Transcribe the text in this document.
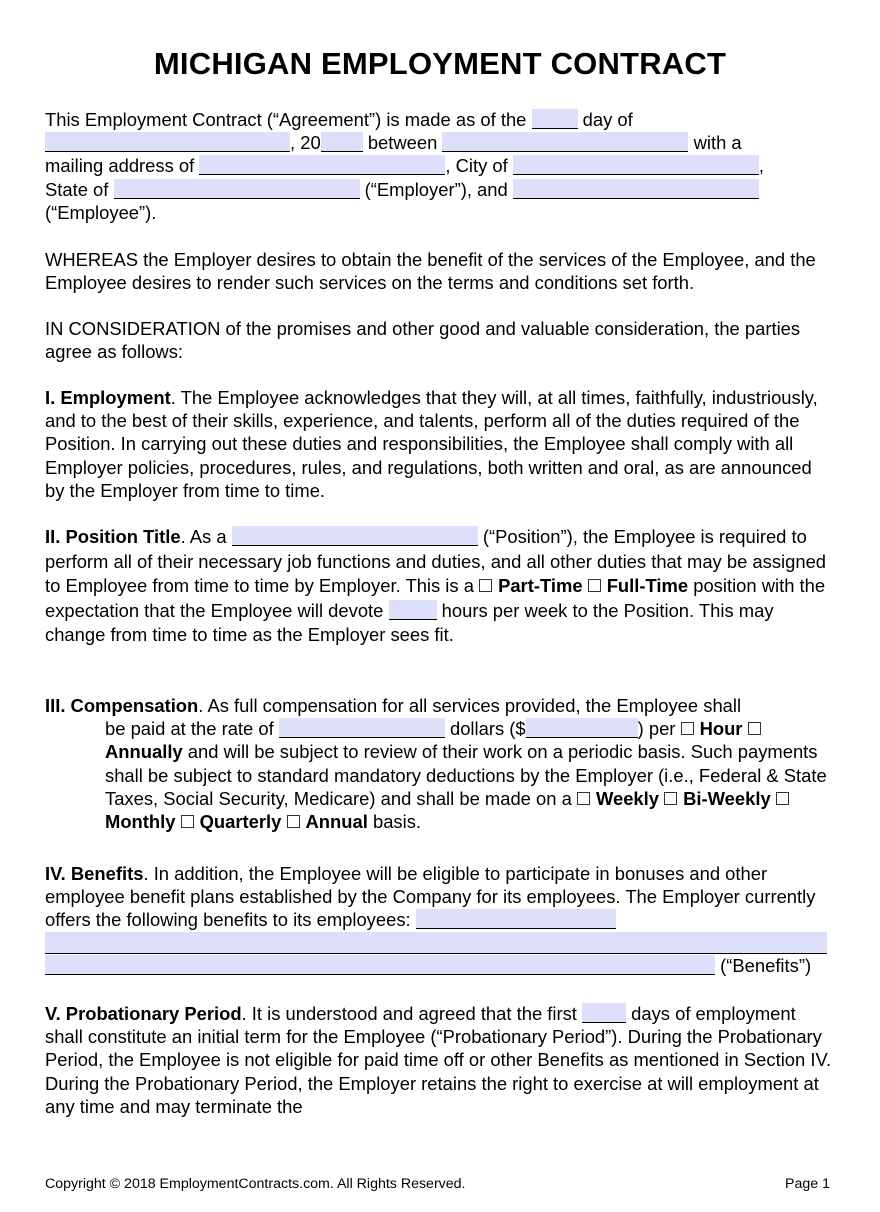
MICHIGAN EMPLOYMENT CONTRACT

This Employment Contract (“Agreement”) is made as of the	day of

, 20	between	with a

mailing address of	, City of	,

State of	(“Employer”), and

(“Employee”).

WHEREAS the Employer desires to obtain the benefit of the services of the Employee, and the Employee desires to render such services on the terms and conditions set forth.

IN CONSIDERATION of the promises and other good and valuable consideration, the parties agree as follows:

I. Employment. The Employee acknowledges that they will, at all times, faithfully, industriously, and to the best of their skills, experience, and talents, perform all of the duties required of the Position. In carrying out these duties and responsibilities, the Employee shall comply with all Employer policies, procedures, rules, and regulations, both written and oral, as are announced by the Employer from time to time.

II. Position Title. As a	(“Position”), the Employee is required to perform all of their necessary job functions and duties, and all other duties that may be assigned to Employee from time to time by Employer. This is a Part-Time Full-Time position with the expectation that the Employee will devote	hours per week to the Position. This may change from time to time as the Employer sees fit.

III. Compensation. As full compensation for all services provided, the Employee shall

be paid at the rate of	dollars ($	) per Hour Annually and will be subject to review of their work on a periodic basis. Such payments shall be subject to standard mandatory deductions by the Employer (i.e., Federal & State Taxes, Social Security, Medicare) and shall be made on a Weekly Bi-Weekly Monthly Quarterly Annual basis.

IV. Benefits. In addition, the Employee will be eligible to participate in bonuses and other employee benefit plans established by the Company for its employees. The Employer currently offers the following benefits to its employees:

(“Benefits”)

V. Probationary Period. It is understood and agreed that the first	days of employment shall constitute an initial term for the Employee (“Probationary Period”). During the Probationary Period, the Employee is not eligible for paid time off or other Benefits as mentioned in Section IV. During the Probationary Period, the Employer retains the right to exercise at will employment at any time and may terminate the

Copyright © 2018 EmploymentContracts.com. All Rights Reserved.	Page 1
